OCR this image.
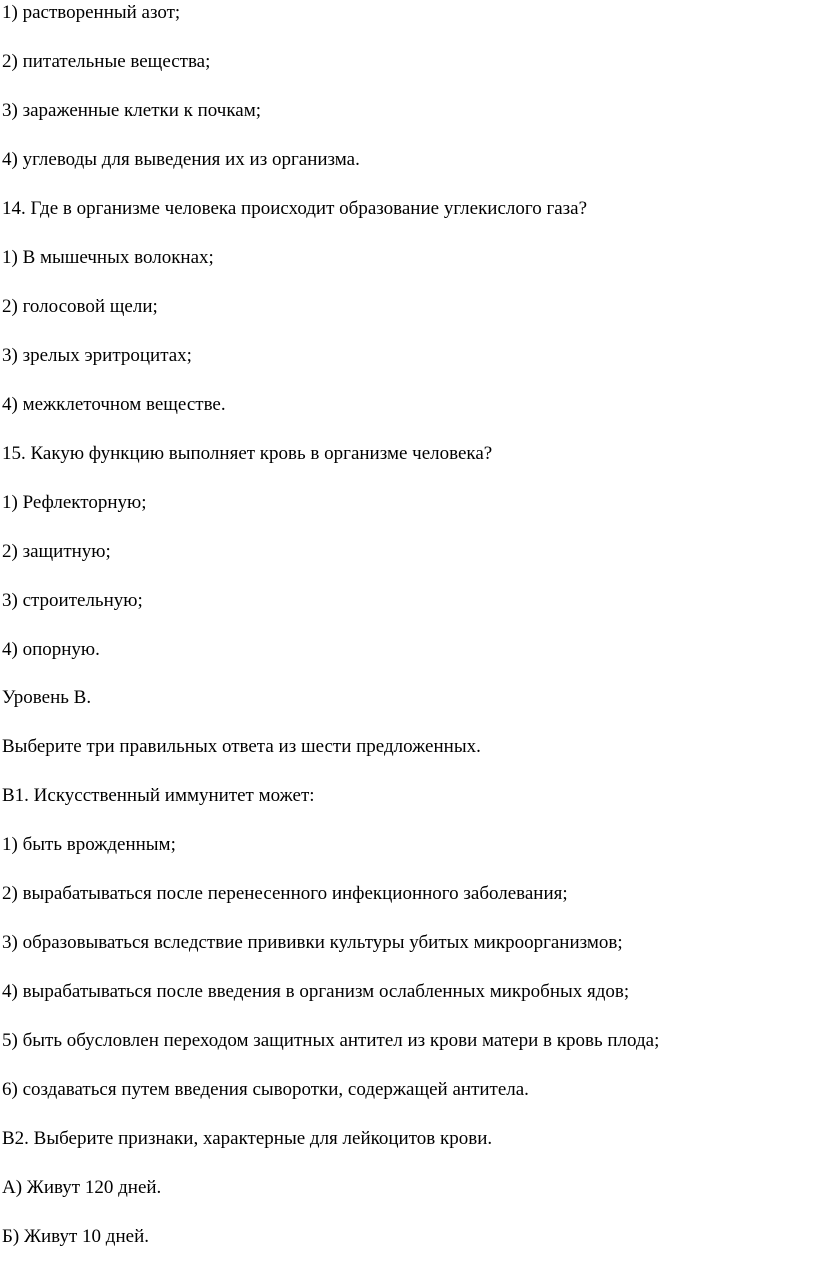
1) растворенный азот;

2) питательные вещества;

3) зараженные клетки к почкам;

4) углеводы для выведения их из организма.

14. Где в организме человека происходит образование углекислого газа?

1) В мышечных волокнах;

2) голосовой щели;

3) зрелых эритроцитах;

4) межклеточном веществе.

15. Какую функцию выполняет кровь в организме человека?

1) Рефлекторную;

2) защитную;

3) строительную;

4) опорную.

Уровень В.

Выберите три правильных ответа из шести предложенных.

В1. Искусственный иммунитет может:

1) быть врожденным;

2) вырабатываться после перенесенного инфекционного заболевания;

3) образовываться вследствие прививки культуры убитых микроорганизмов;

4) вырабатываться после введения в организм ослабленных микробных ядов;

5) быть обусловлен переходом защитных антител из крови матери в кровь плода;

6) создаваться путем введения сыворотки, содержащей антитела.

В2. Выберите признаки, характерные для лейкоцитов крови.

А) Живут 120 дней.

Б) Живут 10 дней.
